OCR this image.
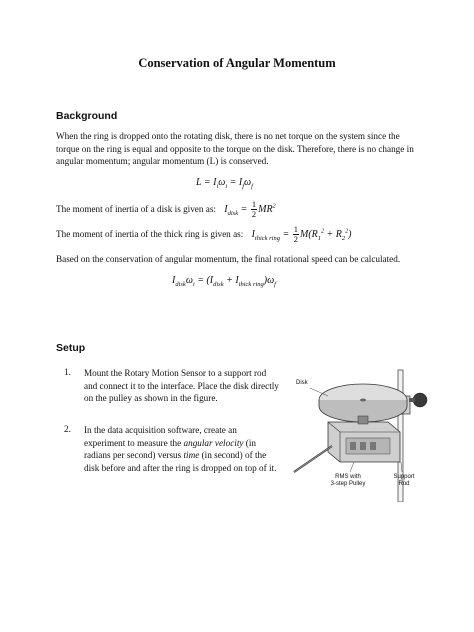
Conservation of Angular Momentum
Background
When the ring is dropped onto the rotating disk, there is no net torque on the system since the torque on the ring is equal and opposite to the torque on the disk. Therefore, there is no change in angular momentum; angular momentum (L) is conserved.
$L = I_i\omega_i = I_f\omega_f$
The moment of inertia of a disk is given as: $I_{disk} = \frac{1}{2} MR^2$
The moment of inertia of the thick ring is given as: $I_{thick ring} = \frac{1}{2} M(R_1^2 + R_2^2)$
Based on the conservation of angular momentum, the final rotational speed can be calculated.
$I_{disk}\omega_i = (I_{disk} + I_{thick ring})\omega_f$
Setup
1. Mount the Rotary Motion Sensor to a support rod and connect it to the interface. Place the disk directly on the pulley as shown in the figure.
2. In the data acquisition software, create an experiment to measure the angular velocity (in radians per second) versus time (in second) of the disk before and after the ring is dropped on top of it.
Disk
RMS with
3-step Pulley
Support
Rod
